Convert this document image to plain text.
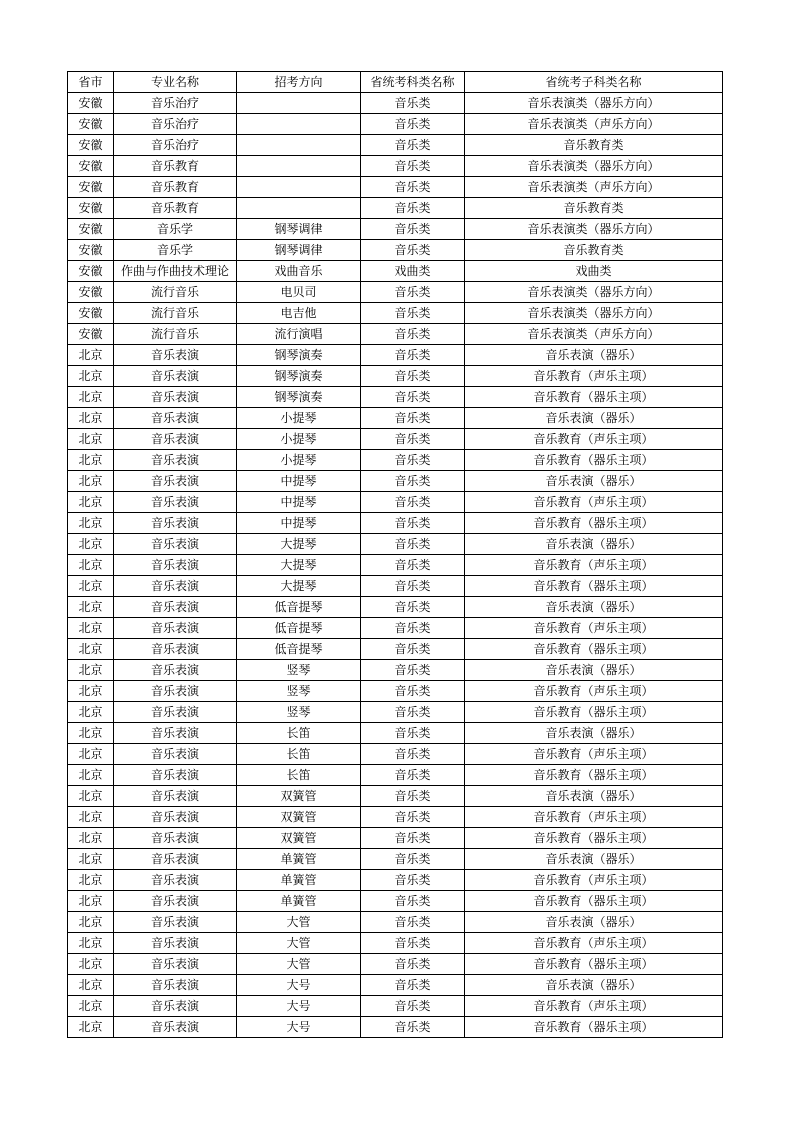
省市	专业名称	招考方向	省统考科类名称	省统考子科类名称
安徽	音乐治疗		音乐类	音乐表演类（器乐方向）
安徽	音乐治疗		音乐类	音乐表演类（声乐方向）
安徽	音乐治疗		音乐类	音乐教育类
安徽	音乐教育		音乐类	音乐表演类（器乐方向）
安徽	音乐教育		音乐类	音乐表演类（声乐方向）
安徽	音乐教育		音乐类	音乐教育类
安徽	音乐学	钢琴调律	音乐类	音乐表演类（器乐方向）
安徽	音乐学	钢琴调律	音乐类	音乐教育类
安徽	作曲与作曲技术理论	戏曲音乐	戏曲类	戏曲类
安徽	流行音乐	电贝司	音乐类	音乐表演类（器乐方向）
安徽	流行音乐	电吉他	音乐类	音乐表演类（器乐方向）
安徽	流行音乐	流行演唱	音乐类	音乐表演类（声乐方向）
北京	音乐表演	钢琴演奏	音乐类	音乐表演（器乐）
北京	音乐表演	钢琴演奏	音乐类	音乐教育（声乐主项）
北京	音乐表演	钢琴演奏	音乐类	音乐教育（器乐主项）
北京	音乐表演	小提琴	音乐类	音乐表演（器乐）
北京	音乐表演	小提琴	音乐类	音乐教育（声乐主项）
北京	音乐表演	小提琴	音乐类	音乐教育（器乐主项）
北京	音乐表演	中提琴	音乐类	音乐表演（器乐）
北京	音乐表演	中提琴	音乐类	音乐教育（声乐主项）
北京	音乐表演	中提琴	音乐类	音乐教育（器乐主项）
北京	音乐表演	大提琴	音乐类	音乐表演（器乐）
北京	音乐表演	大提琴	音乐类	音乐教育（声乐主项）
北京	音乐表演	大提琴	音乐类	音乐教育（器乐主项）
北京	音乐表演	低音提琴	音乐类	音乐表演（器乐）
北京	音乐表演	低音提琴	音乐类	音乐教育（声乐主项）
北京	音乐表演	低音提琴	音乐类	音乐教育（器乐主项）
北京	音乐表演	竖琴	音乐类	音乐表演（器乐）
北京	音乐表演	竖琴	音乐类	音乐教育（声乐主项）
北京	音乐表演	竖琴	音乐类	音乐教育（器乐主项）
北京	音乐表演	长笛	音乐类	音乐表演（器乐）
北京	音乐表演	长笛	音乐类	音乐教育（声乐主项）
北京	音乐表演	长笛	音乐类	音乐教育（器乐主项）
北京	音乐表演	双簧管	音乐类	音乐表演（器乐）
北京	音乐表演	双簧管	音乐类	音乐教育（声乐主项）
北京	音乐表演	双簧管	音乐类	音乐教育（器乐主项）
北京	音乐表演	单簧管	音乐类	音乐表演（器乐）
北京	音乐表演	单簧管	音乐类	音乐教育（声乐主项）
北京	音乐表演	单簧管	音乐类	音乐教育（器乐主项）
北京	音乐表演	大管	音乐类	音乐表演（器乐）
北京	音乐表演	大管	音乐类	音乐教育（声乐主项）
北京	音乐表演	大管	音乐类	音乐教育（器乐主项）
北京	音乐表演	大号	音乐类	音乐表演（器乐）
北京	音乐表演	大号	音乐类	音乐教育（声乐主项）
北京	音乐表演	大号	音乐类	音乐教育（器乐主项）
